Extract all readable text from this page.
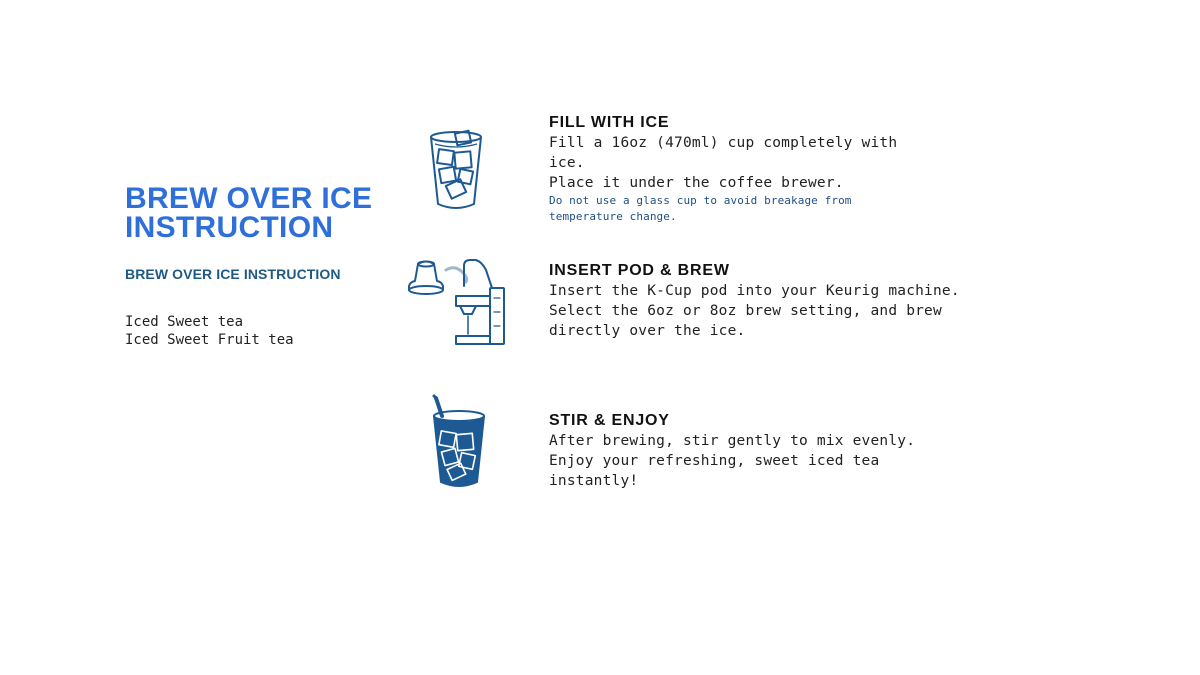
BREW OVER ICE
INSTRUCTION
BREW OVER ICE INSTRUCTION
Iced Sweet tea
Iced Sweet Fruit tea
FILL WITH ICE
Fill a 16oz (470ml) cup completely with
ice.
Place it under the coffee brewer.
Do not use a glass cup to avoid breakage from
temperature change.
INSERT POD & BREW
Insert the K-Cup pod into your Keurig machine.
Select the 6oz or 8oz brew setting, and brew
directly over the ice.
STIR & ENJOY
After brewing, stir gently to mix evenly.
Enjoy your refreshing, sweet iced tea instantly!
